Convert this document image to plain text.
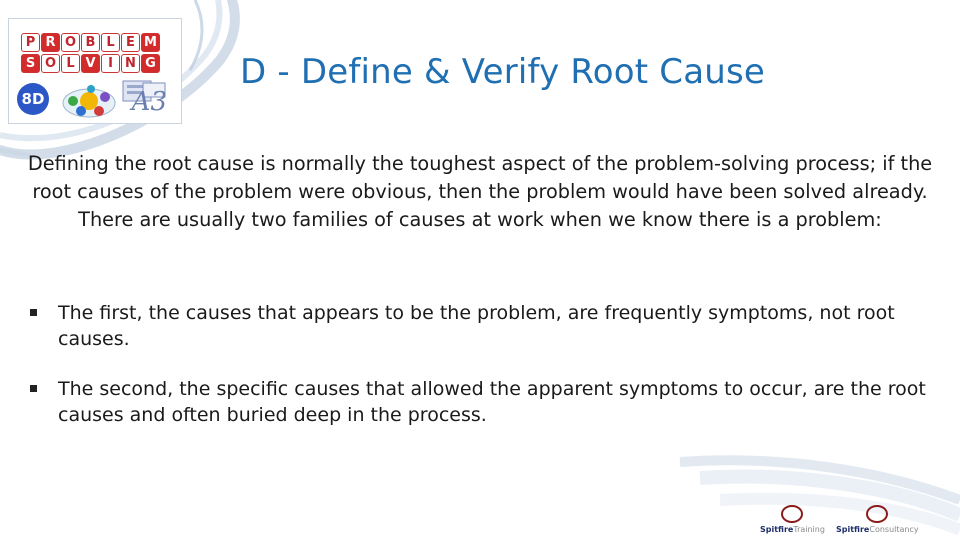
P R O B L E M
S O L V I N G
8D	A3
D - Define & Verify Root Cause
Defining the root cause is normally the toughest aspect of the problem-solving process; if the root causes of the problem were obvious, then the problem would have been solved already. There are usually two families of causes at work when we know there is a problem:
The first, the causes that appears to be the problem, are frequently symptoms, not root causes.
The second, the specific causes that allowed the apparent symptoms to occur, are the root causes and often buried deep in the process.
SpitfireTraining SpitfireConsultancy
